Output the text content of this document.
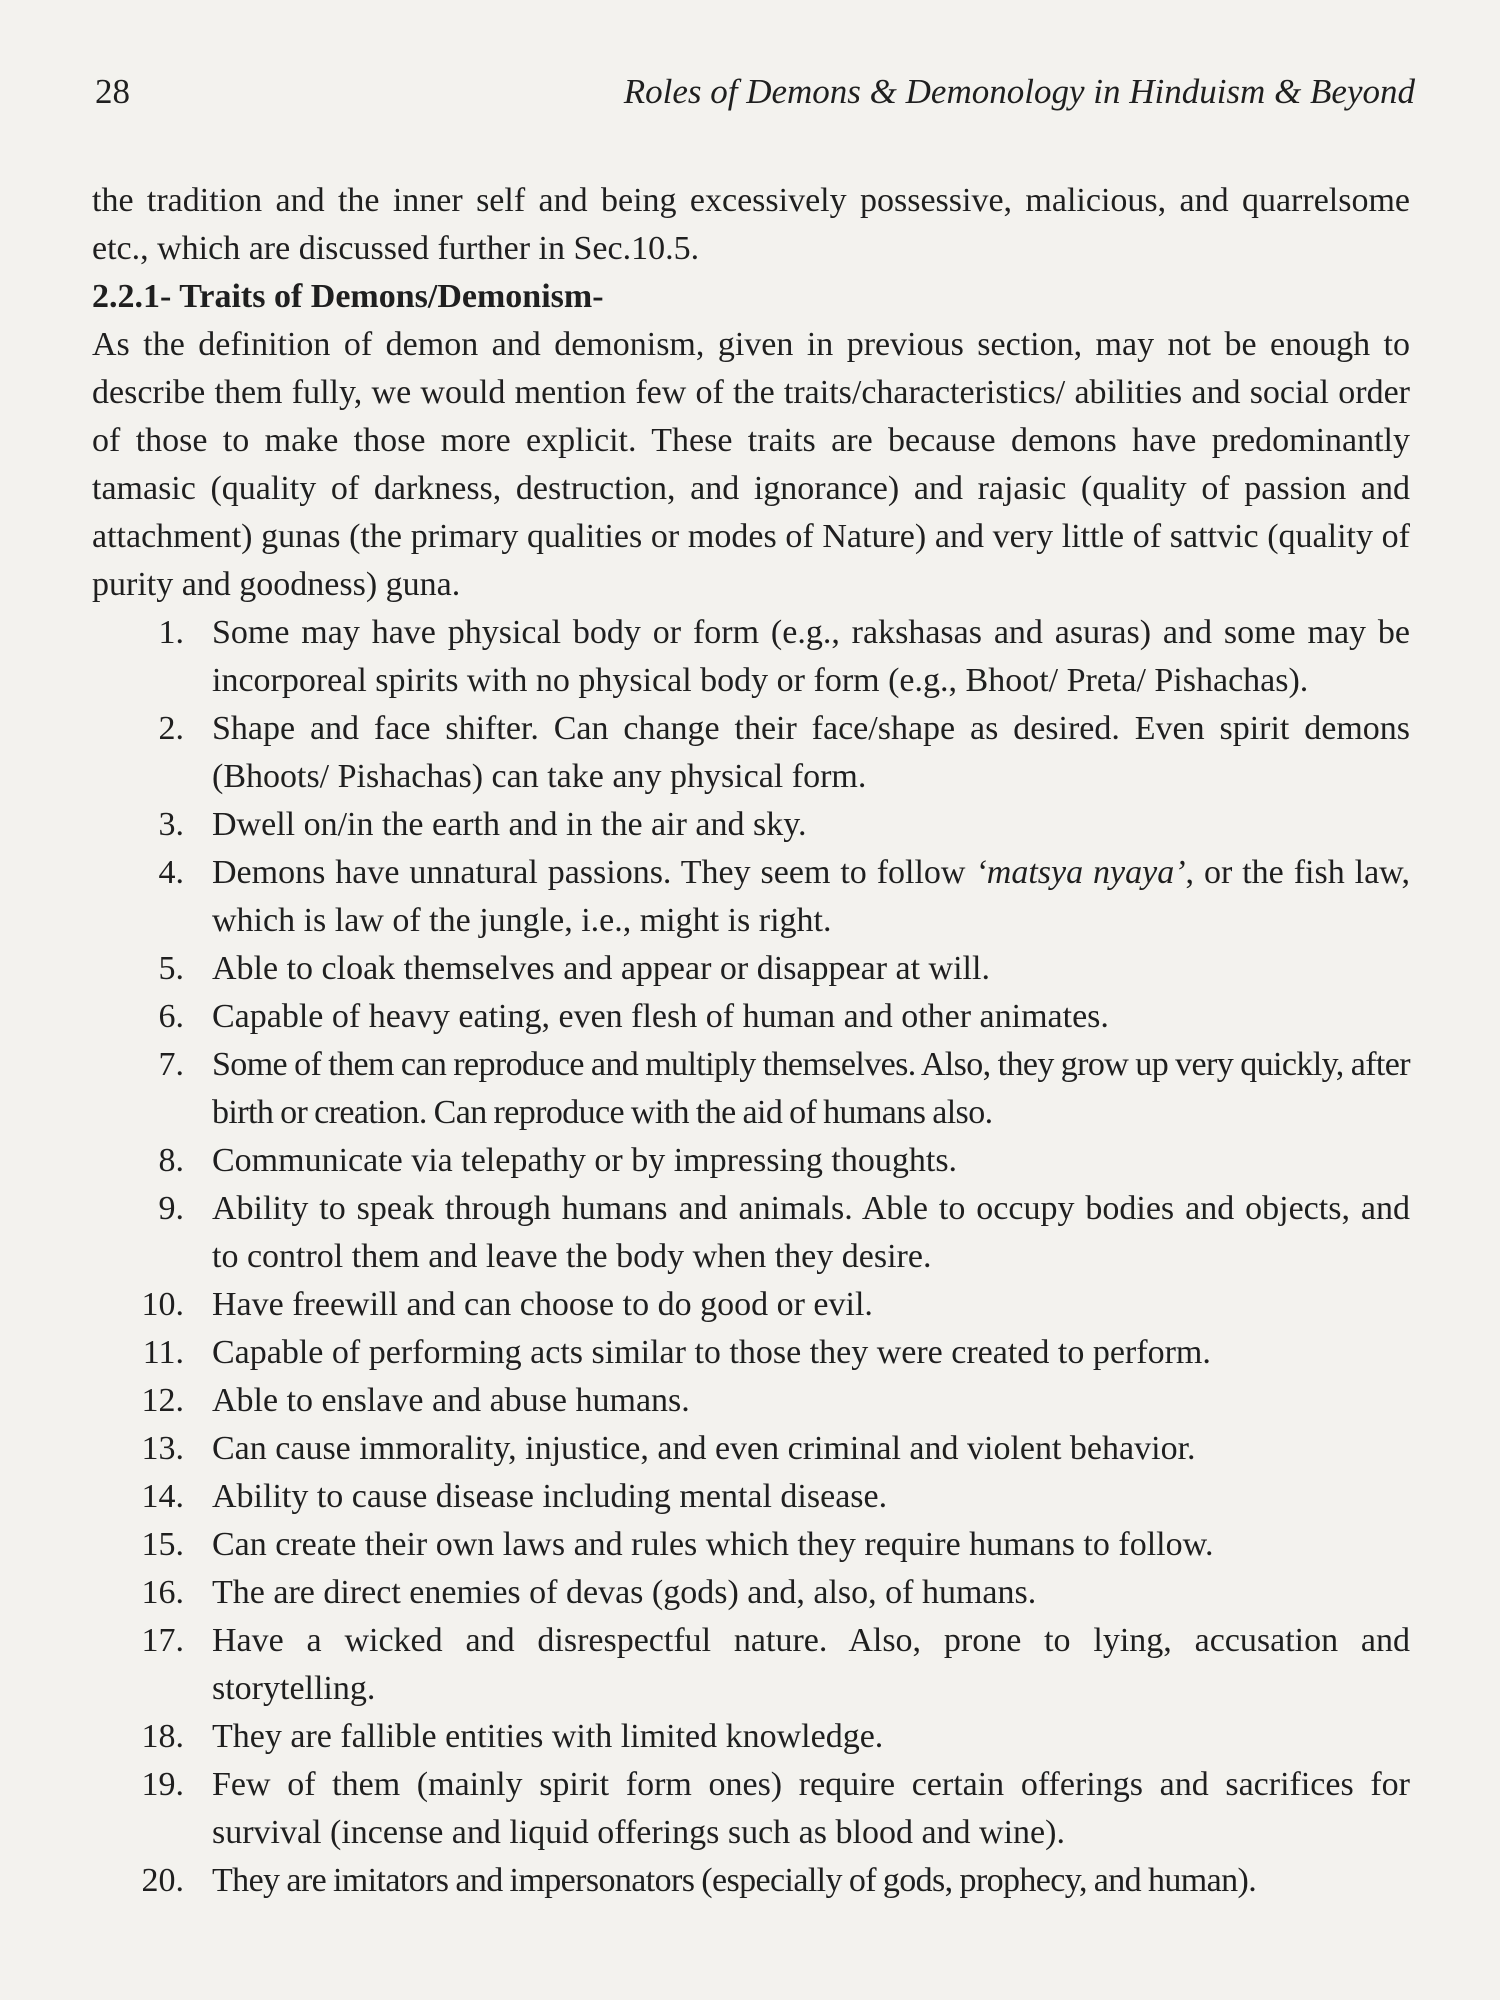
28	Roles of Demons & Demonology in Hinduism & Beyond

the tradition and the inner self and being excessively possessive, malicious, and quarrelsome etc., which are discussed further in Sec.10.5.

2.2.1- Traits of Demons/Demonism-

As the definition of demon and demonism, given in previous section, may not be enough to describe them fully, we would mention few of the traits/characteristics/ abilities and social order of those to make those more explicit. These traits are because demons have predominantly tamasic (quality of darkness, destruction, and ignorance) and rajasic (quality of passion and attachment) gunas (the primary qualities or modes of Nature) and very little of sattvic (quality of purity and goodness) guna.

1. Some may have physical body or form (e.g., rakshasas and asuras) and some may be incorporeal spirits with no physical body or form (e.g., Bhoot/ Preta/ Pishachas).
2. Shape and face shifter. Can change their face/shape as desired. Even spirit demons (Bhoots/ Pishachas) can take any physical form.
3. Dwell on/in the earth and in the air and sky.
4. Demons have unnatural passions. They seem to follow ‘matsya nyaya’, or the fish law, which is law of the jungle, i.e., might is right.
5. Able to cloak themselves and appear or disappear at will.
6. Capable of heavy eating, even flesh of human and other animates.
7. Some of them can reproduce and multiply themselves. Also, they grow up very quickly, after birth or creation. Can reproduce with the aid of humans also.
8. Communicate via telepathy or by impressing thoughts.
9. Ability to speak through humans and animals. Able to occupy bodies and objects, and to control them and leave the body when they desire.
10. Have freewill and can choose to do good or evil.
11. Capable of performing acts similar to those they were created to perform.
12. Able to enslave and abuse humans.
13. Can cause immorality, injustice, and even criminal and violent behavior.
14. Ability to cause disease including mental disease.
15. Can create their own laws and rules which they require humans to follow.
16. The are direct enemies of devas (gods) and, also, of humans.
17. Have a wicked and disrespectful nature. Also, prone to lying, accusation and storytelling.
18. They are fallible entities with limited knowledge.
19. Few of them (mainly spirit form ones) require certain offerings and sacrifices for survival (incense and liquid offerings such as blood and wine).
20. They are imitators and impersonators (especially of gods, prophecy, and human).
